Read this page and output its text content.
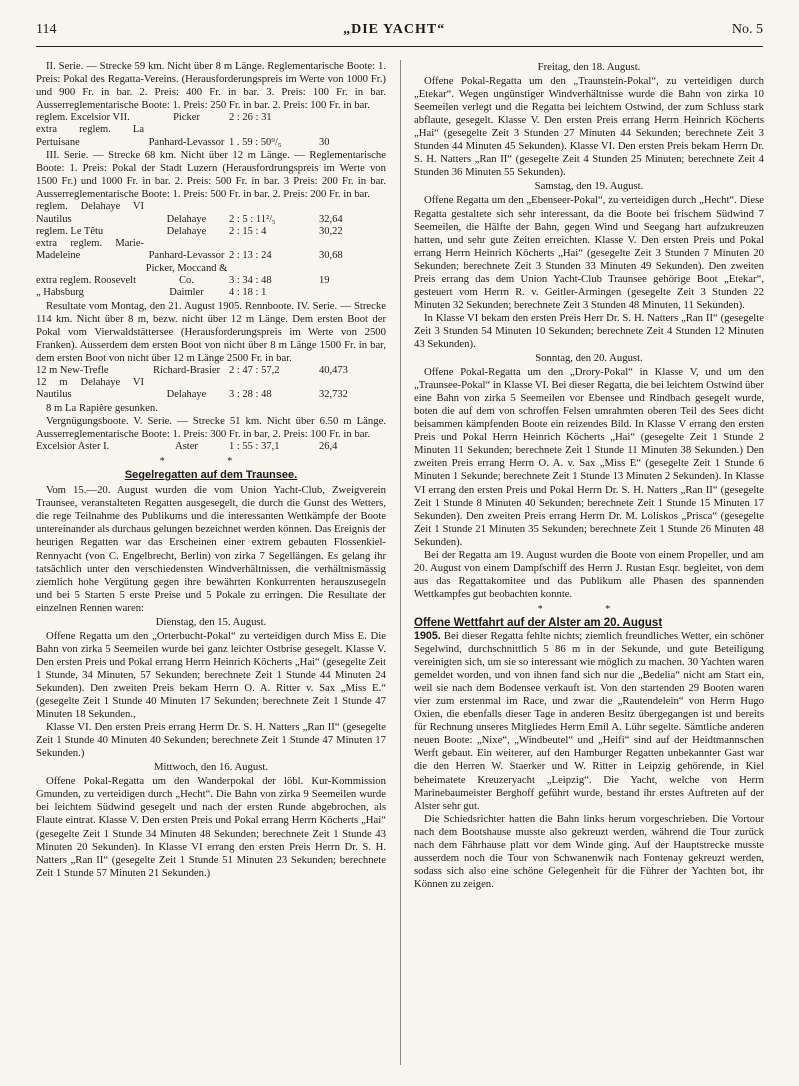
114	„DIE YACHT“	No. 5

II. Serie. — Strecke 59 km. Nicht über 8 m Länge. Reglementarische Boote: 1. Preis: Pokal des Regatta-Vereins. (Herausforderungspreis im Werte von 1000 Fr.) und 900 Fr. in bar. 2. Preis: 400 Fr. in bar. 3. Preis: 100 Fr. in bar. Ausserreglementarische Boote: 1. Preis: 250 Fr. in bar. 2. Preis: 100 Fr. in bar.

reglem. Excelsior VII.	Picker	2 : 26 : 31	
extra reglem. La Pertuisane	Panhard-Levassor	1 . 59 : 50⁹/₅	30

III. Serie. — Strecke 68 km. Nicht über 12 m Länge. — Reglementarische Boote: 1. Preis: Pokal der Stadt Luzern (Herausfordrungspreis im Werte von 1500 Fr.) und 1000 Fr. in bar. 2. Preis: 500 Fr. in bar. 3 Preis: 200 Fr. in bar. Ausserreglementarische Boote: 1. Preis: 500 Fr. in bar. 2. Preis: 200 Fr. in bar.

reglem. Delahaye VI Nautilus	Delahaye	2 : 5 : 11²/₅	32,64
reglem. Le Têtu	Delahaye	2 : 15 : 4	30,22
extra reglem. Marie-Madeleine	Panhard-Levassor	2 : 13 : 24	30,68
extra reglem. Roosevelt	Picker, Moccand & Co.	3 : 34 : 48	19
„ Habsburg	Daimler	4 : 18 : 1	

Resultate vom Montag, den 21. August 1905. Rennboote. IV. Serie. — Strecke 114 km. Nicht über 8 m, bezw. nicht über 12 m Länge. Dem ersten Boot der Pokal vom Vierwaldstättersee (Herausforderungspreis im Werte von 2500 Franken). Ausserdem dem ersten Boot von nicht über 8 m Länge 1500 Fr. in bar, dem ersten Boot von nicht über 12 m Länge 2500 Fr. in bar.

12 m New-Trefle	Richard-Brasier	2 : 47 : 57,2	40,473
12 m Delahaye VI Nautilus	Delahaye	3 : 28 : 48	32,732

8 m La Rapière gesunken.

Vergnügungsboote. V. Serie. — Strecke 51 km. Nicht über 6.50 m Länge. Ausserreglementarische Boote: 1. Preis: 300 Fr. in bar, 2. Preis: 100 Fr. in bar.

Excelsior Aster I.	Aster	1 : 55 : 37,1	26,4
* *
Segelregatten auf dem Traunsee.

Vom 15.—20. August wurden die vom Union Yacht-Club, Zweigverein Traunsee, veranstalteten Regatten ausgesegelt, die durch die Gunst des Wetters, die rege Teilnahme des Publikums und die interessanten Wettkämpfe der Boote untereinander als durchaus gelungen bezeichnet werden können. Das Ereignis der heurigen Regatten war das Erscheinen einer extrem gebauten Flossenkiel-Rennyacht (von C. Engelbrecht, Berlin) von zirka 7 Segellängen. Es gelang ihr tatsächlich unter den verschiedensten Windverhältnissen, die verhältnismässig ziemlich hohe Vergütung gegen ihre bewährten Konkurrenten herauszusegeln und bei 5 Starten 5 erste Preise und 5 Pokale zu erringen. Die Resultate der einzelnen Rennen waren:

Dienstag, den 15. August.

Offene Regatta um den „Orterbucht-Pokal“ zu verteidigen durch Miss E. Die Bahn von zirka 5 Seemeilen wurde bei ganz leichter Ostbrise gesegelt. Klasse V. Den ersten Preis und Pokal errang Herrn Heinrich Köcherts „Hai“ (gesegelte Zeit 1 Stunde, 34 Minuten, 57 Sekunden; berechnete Zeit 1 Stunde 44 Minuten 24 Sekunden). Den zweiten Preis bekam Herrn O. A. Ritter v. Sax „Miss E.“ (gesegelte Zeit 1 Stunde 40 Minuten 17 Sekunden; berechnete Zeit 1 Stunde 47 Minuten 18 Sekunden.,

Klasse VI. Den ersten Preis errang Herrn Dr. S. H. Natters „Ran II“ (gesegelte Zeit 1 Stunde 40 Minuten 40 Sekunden; berechnete Zeit 1 Stunde 47 Minuten 17 Sekunden.)

Mittwoch, den 16. August.

Offene Pokal-Regatta um den Wanderpokal der löbl. Kur-Kommission Gmunden, zu verteidigen durch „Hecht“. Die Bahn von zirka 9 Seemeilen wurde bei leichtem Südwind gesegelt und nach der ersten Runde abgebrochen, als Flaute eintrat. Klasse V. Den ersten Preis und Pokal errang Herrn Köcherts „Hai“ (gesegelte Zeit 1 Stunde 34 Minuten 48 Sekunden; berechnete Zeit 1 Stunde 43 Minuten 20 Sekunden). In Klasse VI errang den ersten Preis Herrn Dr. S. H. Natters „Ran II“ (gesegelte Zeit 1 Stunde 51 Minuten 23 Sekunden; berechnete Zeit 1 Stunde 57 Minuten 21 Sekunden.)

Freitag, den 18. August.

Offene Pokal-Regatta um den „Traunstein-Pokal“, zu verteidigen durch „Etekar“. Wegen ungünstiger Windverhältnisse wurde die Bahn von zirka 10 Seemeilen verlegt und die Regatta bei leichtem Ostwind, der zum Schluss stark abflaute, gesegelt. Klasse V. Den ersten Preis errang Herrn Heinrich Köcherts „Hai“ (gesegelte Zeit 3 Stunden 27 Minuten 44 Sekunden; berechnete Zeit 3 Stunden 44 Minuten 45 Sekunden). Klasse VI. Den ersten Preis bekam Herrn Dr. S. H. Natters „Ran II“ (gesegelte Zeit 4 Stunden 25 Minuten; berechnete Zeit 4 Stunden 36 Minuten 55 Sekunden).

Samstag, den 19. August.

Offene Regatta um den „Ebenseer-Pokal“, zu verteidigen durch „Hecht“. Diese Regatta gestaltete sich sehr interessant, da die Boote bei frischem Südwind 7 Seemeilen, die Hälfte der Bahn, gegen Wind und Seegang hart aufzukreuzen hatten, und sehr gute Zeiten erreichten. Klasse V. Den ersten Preis und Pokal errang Herrn Heinrich Köcherts „Hai“ (gesegelte Zeit 3 Stunden 7 Minuten 20 Sekunden; berechnete Zeit 3 Stunden 33 Minuten 49 Sekunden). Den zweiten Preis errang das dem Union Yacht-Club Traunsee gehörige Boot „Etekar“, gesteuert vom Herrn R. v. Geitler-Armingen (gesegelte Zeit 3 Stunden 22 Minuten 32 Sekunden; berechnete Zeit 3 Stunden 48 Minuten, 11 Sekunden).

In Klasse VI bekam den ersten Preis Herr Dr. S. H. Natters „Ran II“ (gesegelte Zeit 3 Stunden 54 Minuten 10 Sekunden; berechnete Zeit 4 Stunden 12 Minuten 43 Sekunden).

Sonntag, den 20. August.

Offene Pokal-Regatta um den „Drory-Pokal“ in Klasse V, und um den „Traunsee-Pokal“ in Klasse VI. Bei dieser Regatta, die bei leichtem Ostwind über eine Bahn von zirka 5 Seemeilen vor Ebensee und Rindbach gesegelt wurde, boten die auf dem von schroffen Felsen umrahmten oberen Teil des Sees dicht beisammen kämpfenden Boote ein reizendes Bild. In Klasse V errang den ersten Preis und Pokal Herrn Heinrich Köcherts „Hai“ (gesegelte Zeit 1 Stunde 2 Minuten 11 Sekunden; berechnete Zeit 1 Stunde 11 Minuten 38 Sekunden.) Den zweiten Preis errang Herrn O. A. v. Sax „Miss E“ (gesegelte Zeit 1 Stunde 6 Minuten 1 Sekunde; berechnete Zeit 1 Stunde 13 Minuten 2 Sekunden). In Klasse VI errang den ersten Preis und Pokal Herrn Dr. S. H. Natters „Ran II“ (gesegelte Zeit 1 Stunde 8 Minuten 40 Sekunden; berechnete Zeit 1 Stunde 15 Minuten 17 Sekunden). Den zweiten Preis errang Herrn Dr. M. Loliskos „Prisca“ (gesegelte Zeit 1 Stunde 21 Minuten 35 Sekunden; berechnete Zeit 1 Stunde 26 Minuten 48 Sekunden).

Bei der Regatta am 19. August wurden die Boote von einem Propeller, und am 20. August von einem Dampfschiff des Herrn J. Rustan Esqr. begleitet, von dem aus das Regattakomitee und das Publikum alle Phasen des spannenden Wettkampfes gut beobachten konnte.

* *

Offene Wettfahrt auf der Alster am 20. August
1905. Bei dieser Regatta fehlte nichts; ziemlich freundliches Wetter, ein schöner Segelwind, durchschnittlich 5 86 m in der Sekunde, und gute Beteiligung vereinigten sich, um sie so interessant wie möglich zu machen. 30 Yachten waren gemeldet worden, und von ihnen fand sich nur die „Bedelia“ nicht am Start ein, weil sie nach dem Bodensee verkauft ist. Von den startenden 29 Booten waren vier zum erstenmal im Race, und zwar die „Rautendelein“ von Herrn Hugo Oxien, die ebenfalls dieser Tage in anderen Besitz übergegangen ist und bereits für Rechnung unseres Mitgliedes Herrn Emil A. Lühr segelte. Sämtliche anderen neuen Boote: „Nixe“, „Windbeutel“ und „Heifi“ sind auf der Heidtmannschen Werft gebaut. Ein weiterer, auf den Hamburger Regatten unbekannter Gast war die den Herren W. Staerker und W. Ritter in Leipzig gehörende, in Kiel beheimatete Kreuzeryacht „Leipzig“. Die Yacht, welche von Herrn Marinebaumeister Berghoff geführt wurde, bestand ihr erstes Auftreten auf der Alster sehr gut.

Die Schiedsrichter hatten die Bahn links herum vorgeschrieben. Die Vortour nach dem Bootshause musste also gekreuzt werden, während die Tour zurück nach dem Fährhause platt vor dem Winde ging. Auf der Hauptstrecke musste ausserdem noch die Tour von Schwanenwik nach Fontenay gekreuzt werden, sodass sich also eine schöne Gelegenheit für die Führer der Yachten bot, ihr Können zu zeigen.
